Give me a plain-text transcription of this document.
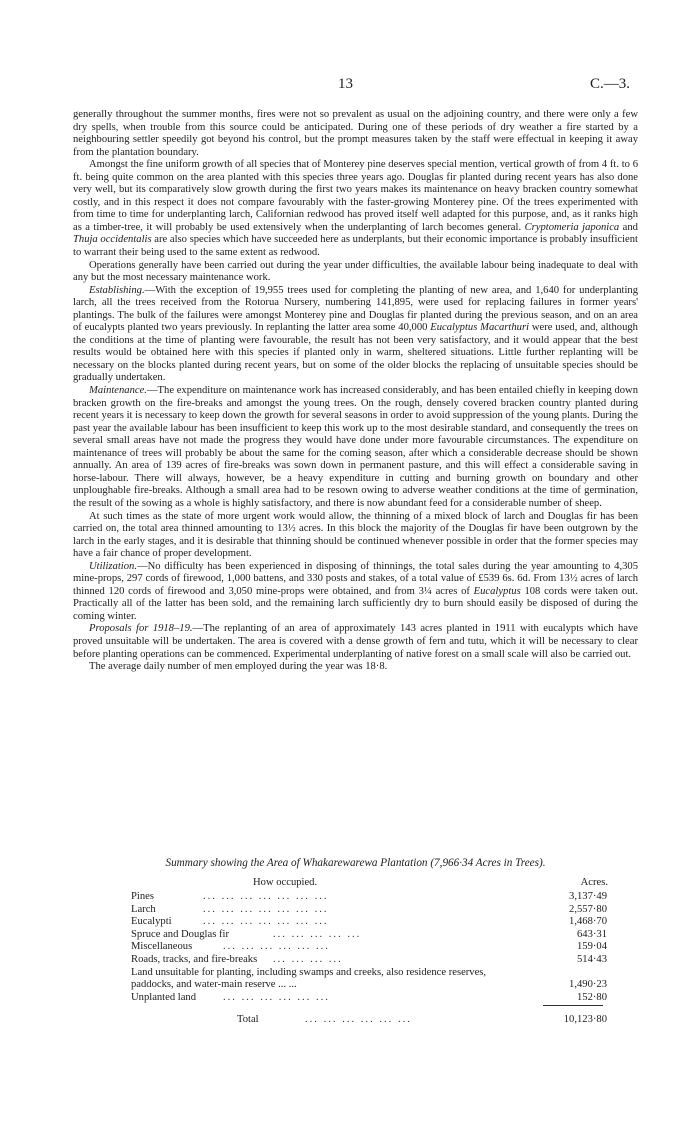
13	C.—3.

generally throughout the summer months, fires were not so prevalent as usual on the adjoining country, and there were only a few dry spells, when trouble from this source could be anticipated. During one of these periods of dry weather a fire started by a neighbouring settler speedily got beyond his control, but the prompt measures taken by the staff were effectual in keeping it away from the plantation boundary.

Amongst the fine uniform growth of all species that of Monterey pine deserves special mention, vertical growth of from 4 ft. to 6 ft. being quite common on the area planted with this species three years ago. Douglas fir planted during recent years has also done very well, but its comparatively slow growth during the first two years makes its maintenance on heavy bracken country somewhat costly, and in this respect it does not compare favourably with the faster-growing Monterey pine. Of the trees experimented with from time to time for underplanting larch, Californian redwood has proved itself well adapted for this purpose, and, as it ranks high as a timber-tree, it will probably be used extensively when the underplanting of larch becomes general. Cryptomeria japonica and Thuja occidentalis are also species which have succeeded here as underplants, but their economic importance is probably insufficient to warrant their being used to the same extent as redwood.

Operations generally have been carried out during the year under difficulties, the available labour being inadequate to deal with any but the most necessary maintenance work.

Establishing.—With the exception of 19,955 trees used for completing the planting of new area, and 1,640 for underplanting larch, all the trees received from the Rotorua Nursery, numbering 141,895, were used for replacing failures in former years' plantings. The bulk of the failures were amongst Monterey pine and Douglas fir planted during the previous season, and on an area of eucalypts planted two years previously. In replanting the latter area some 40,000 Eucalyptus Macarthuri were used, and, although the conditions at the time of planting were favourable, the result has not been very satisfactory, and it would appear that the best results would be obtained here with this species if planted only in warm, sheltered situations. Little further replanting will be necessary on the blocks planted during recent years, but on some of the older blocks the replacing of unsuitable species should be gradually undertaken.

Maintenance.—The expenditure on maintenance work has increased considerably, and has been entailed chiefly in keeping down bracken growth on the fire-breaks and amongst the young trees. On the rough, densely covered bracken country planted during recent years it is necessary to keep down the growth for several seasons in order to avoid suppression of the young plants. During the past year the available labour has been insufficient to keep this work up to the most desirable standard, and consequently the trees on several small areas have not made the progress they would have done under more favourable circumstances. The expenditure on maintenance of trees will probably be about the same for the coming season, after which a considerable decrease should be shown annually. An area of 139 acres of fire-breaks was sown down in permanent pasture, and this will effect a considerable saving in horse-labour. There will always, however, be a heavy expenditure in cutting and burning growth on boundary and other unploughable fire-breaks. Although a small area had to be resown owing to adverse weather conditions at the time of germination, the result of the sowing as a whole is highly satisfactory, and there is now abundant feed for a considerable number of sheep.

At such times as the state of more urgent work would allow, the thinning of a mixed block of larch and Douglas fir has been carried on, the total area thinned amounting to 13½ acres. In this block the majority of the Douglas fir have been outgrown by the larch in the early stages, and it is desirable that thinning should be continued whenever possible in order that the former species may have a fair chance of proper development.

Utilization.—No difficulty has been experienced in disposing of thinnings, the total sales during the year amounting to 4,305 mine-props, 297 cords of firewood, 1,000 battens, and 330 posts and stakes, of a total value of £539 6s. 6d. From 13½ acres of larch thinned 120 cords of firewood and 3,050 mine-props were obtained, and from 3¼ acres of Eucalyptus 108 cords were taken out. Practically all of the latter has been sold, and the remaining larch sufficiently dry to burn should easily be disposed of during the coming winter.

Proposals for 1918–19.—The replanting of an area of approximately 143 acres planted in 1911 with eucalypts which have proved unsuitable will be undertaken. The area is covered with a dense growth of fern and tutu, which it will be necessary to clear before planting operations can be commenced. Experimental underplanting of native forest on a small scale will also be carried out.

The average daily number of men employed during the year was 18·8.

Summary showing the Area of Whakarewarewa Plantation (7,966·34 Acres in Trees).
How occupied.	Acres.
Pines	... ... ... ... ... ... ...	3,137·49
Larch	... ... ... ... ... ... ...	2,557·80
Eucalypti	... ... ... ... ... ... ...	1,468·70
Spruce and Douglas fir	... ... ... ... ...	643·31
Miscellaneous	... ... ... ... ... ...	159·04
Roads, tracks, and fire-breaks ... ... ... ...	514·43
Land unsuitable for planting, including swamps and creeks, also residence reserves, paddocks, and water-main reserve ... ...	1,490·23
Unplanted land	... ... ... ... ... ...	152·80
Total	... ... ... ... ... ...	10,123·80
